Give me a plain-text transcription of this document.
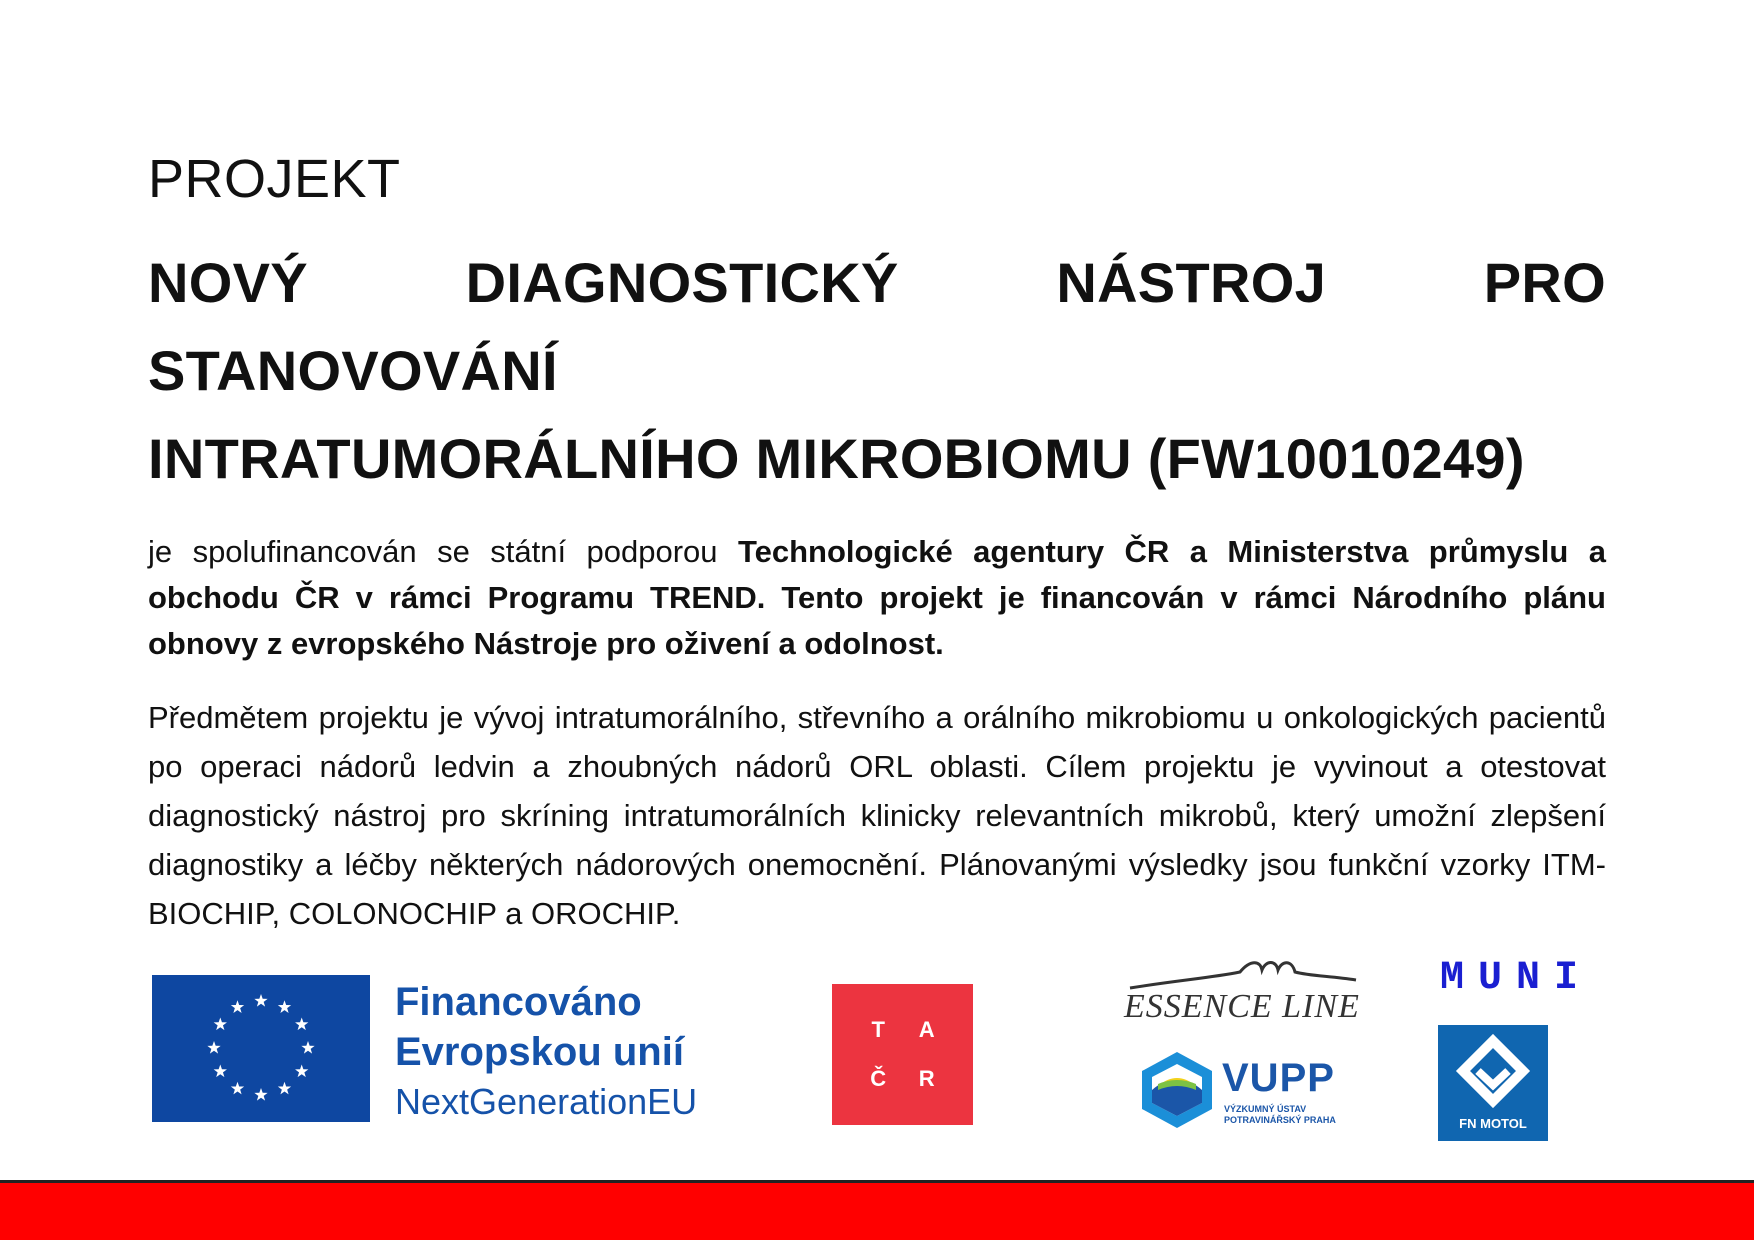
PROJEKT
NOVÝ DIAGNOSTICKÝ NÁSTROJ PRO STANOVOVÁNÍ
INTRATUMORÁLNÍHO MIKROBIOMU (FW10010249)

je spolufinancován se státní podporou Technologické agentury ČR a Ministerstva průmyslu a obchodu ČR v rámci Programu TREND. Tento projekt je financován v rámci Národního plánu obnovy z evropského Nástroje pro oživení a odolnost.

Předmětem projektu je vývoj intratumorálního, střevního a orálního mikrobiomu u onkologických pacientů po operaci nádorů ledvin a zhoubných nádorů ORL oblasti. Cílem projektu je vyvinout a otestovat diagnostický nástroj pro skríning intratumorálních klinicky relevantních mikrobů, který umožní zlepšení diagnostiky a léčby některých nádorových onemocnění. Plánovanými výsledky jsou funkční vzorky ITM-BIOCHIP, COLONOCHIP a OROCHIP.

Financováno
Evropskou unií
NextGenerationEU
T	A
Č	R
ESSENCE LINE
VUPP
VÝZKUMNÝ ÚSTAV
POTRAVINÁŘSKÝ PRAHA
MUNI
FN MOTOL
